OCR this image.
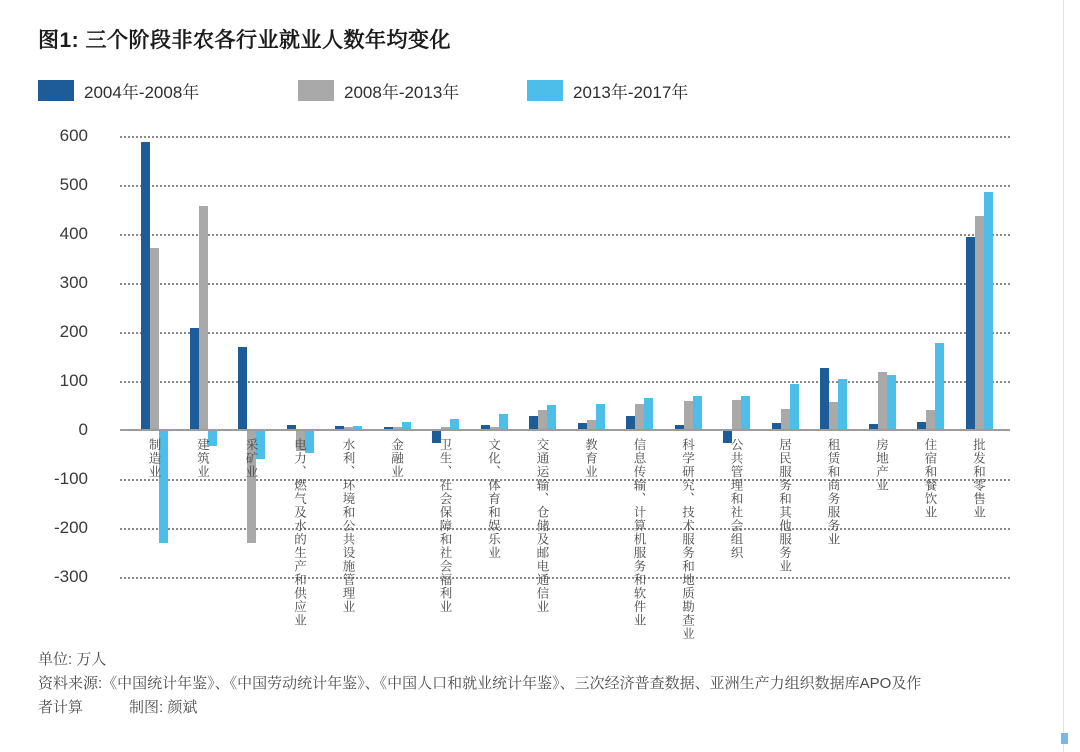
图1: 三个阶段非农各行业就业人数年均变化
2004年-2008年	2008年-2013年	2013年-2017年
600
500
400
300
200
100
0
-100
-200
-300
制造业	建筑业	采矿业	电力、燃气及水的生产和供应业	水利、环境和公共设施管理业	金融业	卫生、社会保障和社会福利业	文化、体育和娱乐业	交通运输、仓储及邮电通信业	教育业	信息传输、计算机服务和软件业	科学研究、技术服务和地质勘查业	公共管理和社会组织	居民服务和其他服务业	租赁和商务服务业	房地产业	住宿和餐饮业	批发和零售业
单位: 万人
资料来源:《中国统计年鉴》、《中国劳动统计年鉴》、《中国人口和就业统计年鉴》、三次经济普查数据、亚洲生产力组织数据库APO及作
者计算	制图: 颜斌
